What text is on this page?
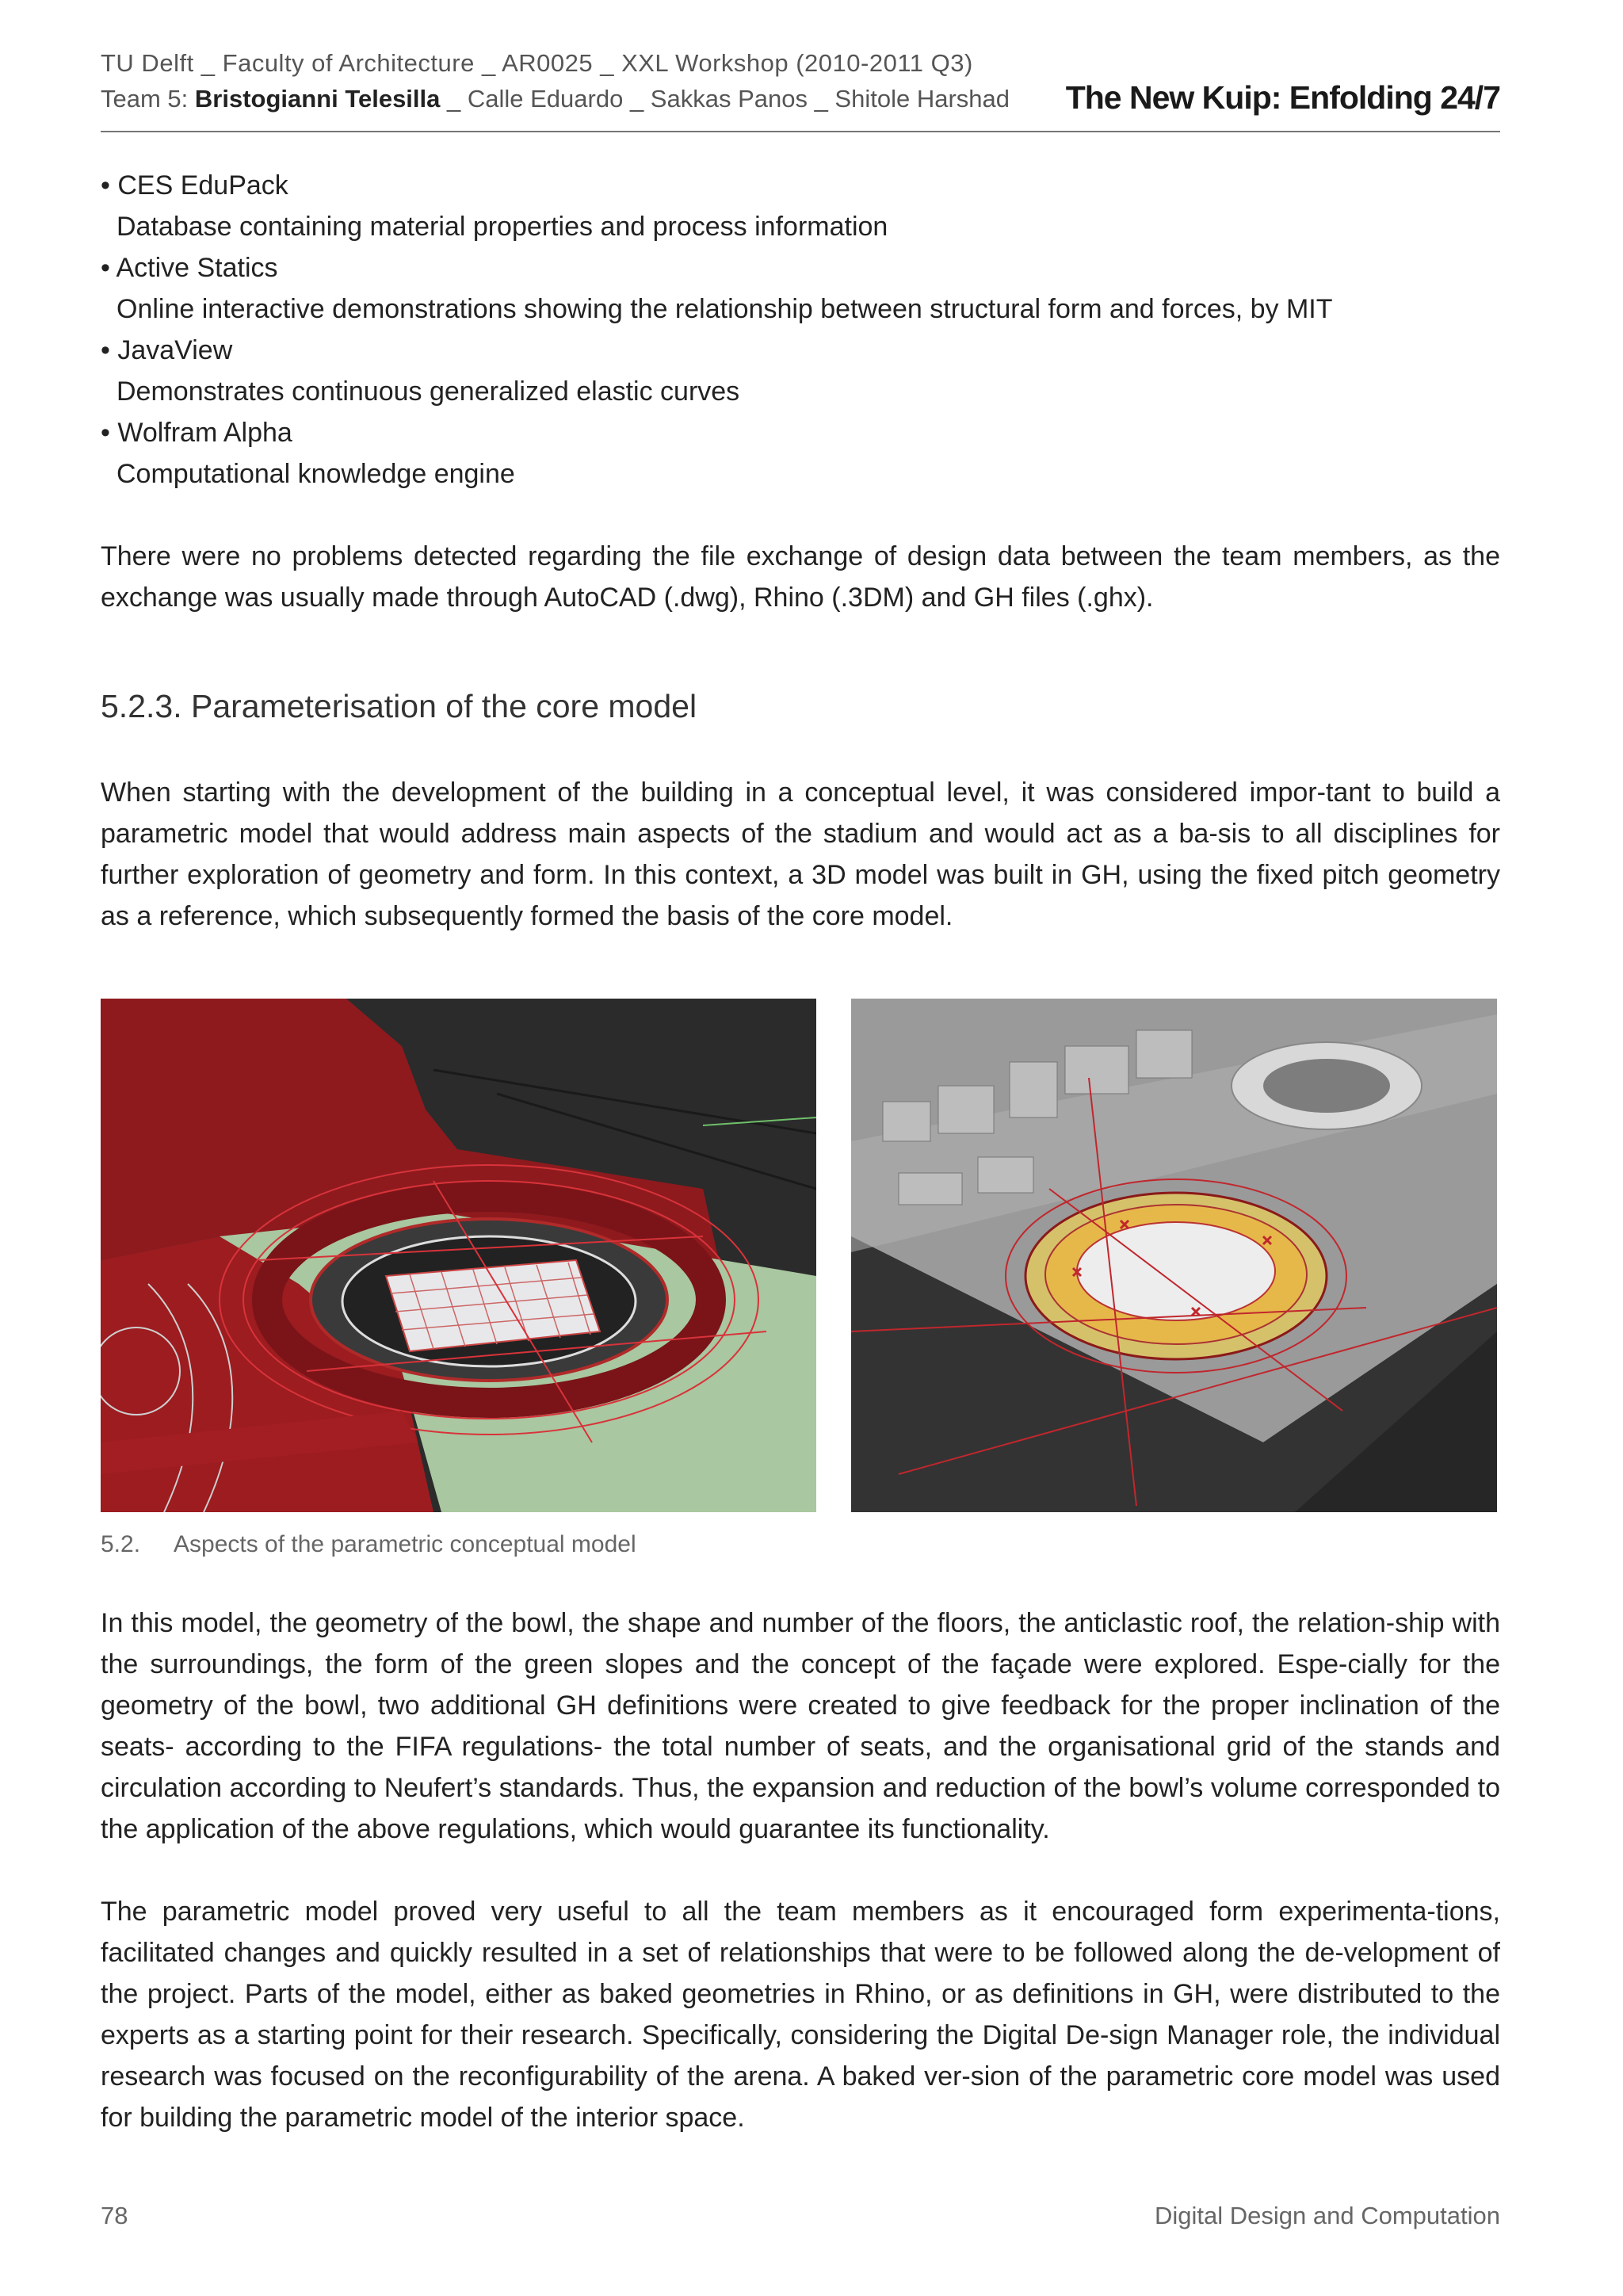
TU Delft _ Faculty of Architecture _ AR0025 _ XXL Workshop (2010-2011 Q3)
Team 5: Bristogianni Telesilla _ Calle Eduardo _ Sakkas Panos _ Shitole Harshad The New Kuip: Enfolding 24/7
• CES EduPack
Database containing material properties and process information
• Active Statics
Online interactive demonstrations showing the relationship between structural form and forces, by MIT
• JavaView
Demonstrates continuous generalized elastic curves
• Wolfram Alpha
Computational knowledge engine
There were no problems detected regarding the file exchange of design data between the team members, as the exchange was usually made through AutoCAD (.dwg), Rhino (.3DM) and GH files (.ghx).
5.2.3. Parameterisation of the core model
When starting with the development of the building in a conceptual level, it was considered impor-tant to build a parametric model that would address main aspects of the stadium and would act as a ba-sis to all disciplines for further exploration of geometry and form. In this context, a 3D model was built in GH, using the fixed pitch geometry as a reference, which subsequently formed the basis of the core model.
5.2. Aspects of the parametric conceptual model
In this model, the geometry of the bowl, the shape and number of the floors, the anticlastic roof, the relation-ship with the surroundings, the form of the green slopes and the concept of the façade were explored. Espe-cially for the geometry of the bowl, two additional GH definitions were created to give feedback for the proper inclination of the seats- according to the FIFA regulations- the total number of seats, and the organisational grid of the stands and circulation according to Neufert’s standards. Thus, the expansion and reduction of the bowl’s volume corresponded to the application of the above regulations, which would guarantee its functionality.
The parametric model proved very useful to all the team members as it encouraged form experimenta-tions, facilitated changes and quickly resulted in a set of relationships that were to be followed along the de-velopment of the project. Parts of the model, either as baked geometries in Rhino, or as definitions in GH, were distributed to the experts as a starting point for their research. Specifically, considering the Digital De-sign Manager role, the individual research was focused on the reconfigurability of the arena. A baked ver-sion of the parametric core model was used for building the parametric model of the interior space.
78	Digital Design and Computation
